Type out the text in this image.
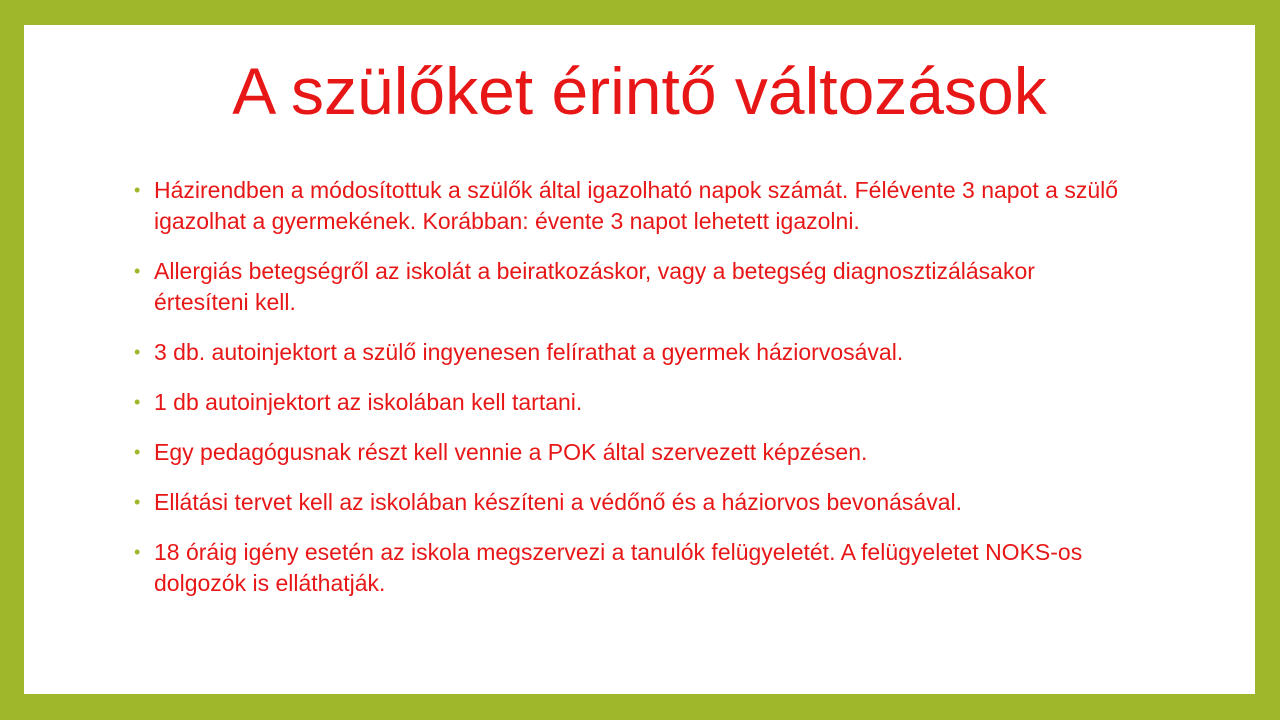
A szülőket érintő változások
• Házirendben a módosítottuk a szülők által igazolható napok számát. Félévente 3 napot a szülő igazolhat a gyermekének. Korábban: évente 3 napot lehetett igazolni.
• Allergiás betegségről az iskolát a beiratkozáskor, vagy a betegség diagnosztizálásakor értesíteni kell.
• 3 db. autoinjektort a szülő ingyenesen felírathat a gyermek háziorvosával.
• 1 db autoinjektort az iskolában kell tartani.
• Egy pedagógusnak részt kell vennie a POK által szervezett képzésen.
• Ellátási tervet kell az iskolában készíteni a védőnő és a háziorvos bevonásával.
• 18 óráig igény esetén az iskola megszervezi a tanulók felügyeletét. A felügyeletet NOKS-os dolgozók is elláthatják.
